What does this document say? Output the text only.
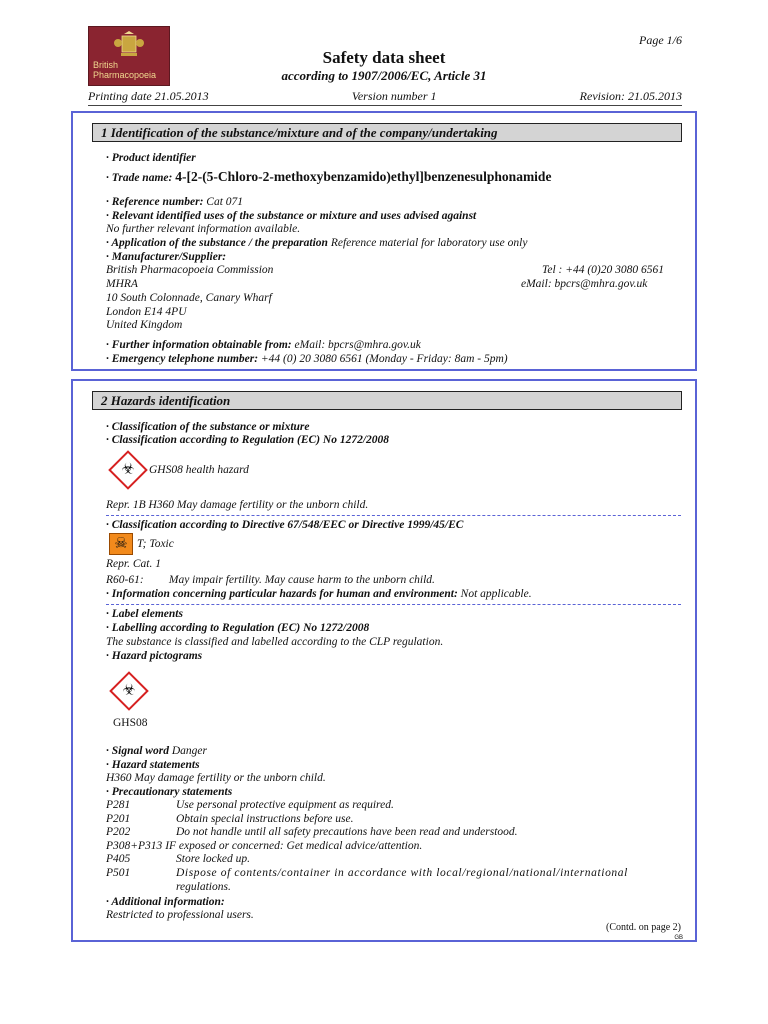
British
Pharmacopoeia
Page 1/6
Safety data sheet
according to 1907/2006/EC, Article 31
Printing date 21.05.2013	Version number 1	Revision: 21.05.2013
1 Identification of the substance/mixture and of the company/undertaking
· Product identifier
· Trade name: 4-[2-(5-Chloro-2-methoxybenzamido)ethyl]benzenesulphonamide
· Reference number: Cat 071
· Relevant identified uses of the substance or mixture and uses advised against
No further relevant information available.
· Application of the substance / the preparation Reference material for laboratory use only
· Manufacturer/Supplier:
British Pharmacopoeia Commission
MHRA
10 South Colonnade, Canary Wharf
London E14 4PU
United Kingdom
Tel : +44 (0)20 3080 6561
eMail: bpcrs@mhra.gov.uk
· Further information obtainable from: eMail: bpcrs@mhra.gov.uk
· Emergency telephone number: +44 (0) 20 3080 6561 (Monday - Friday: 8am - 5pm)
2 Hazards identification
· Classification of the substance or mixture
· Classification according to Regulation (EC) No 1272/2008
☣ GHS08 health hazard
Repr. 1B H360 May damage fertility or the unborn child.
· Classification according to Directive 67/548/EEC or Directive 1999/45/EC
☠ T; Toxic
Repr. Cat. 1
R60-61: May impair fertility. May cause harm to the unborn child.
· Information concerning particular hazards for human and environment: Not applicable.
· Label elements
· Labelling according to Regulation (EC) No 1272/2008
The substance is classified and labelled according to the CLP regulation.
· Hazard pictograms
☣
GHS08
· Signal word Danger
· Hazard statements
H360 May damage fertility or the unborn child.
· Precautionary statements
P281	Use personal protective equipment as required.
P201	Obtain special instructions before use.
P202	Do not handle until all safety precautions have been read and understood.
P308+P313 IF exposed or concerned: Get medical advice/attention.
P405	Store locked up.
P501	Dispose of contents/container in accordance with local/regional/national/international
regulations.
· Additional information:
Restricted to professional users.
(Contd. on page 2)
GB
